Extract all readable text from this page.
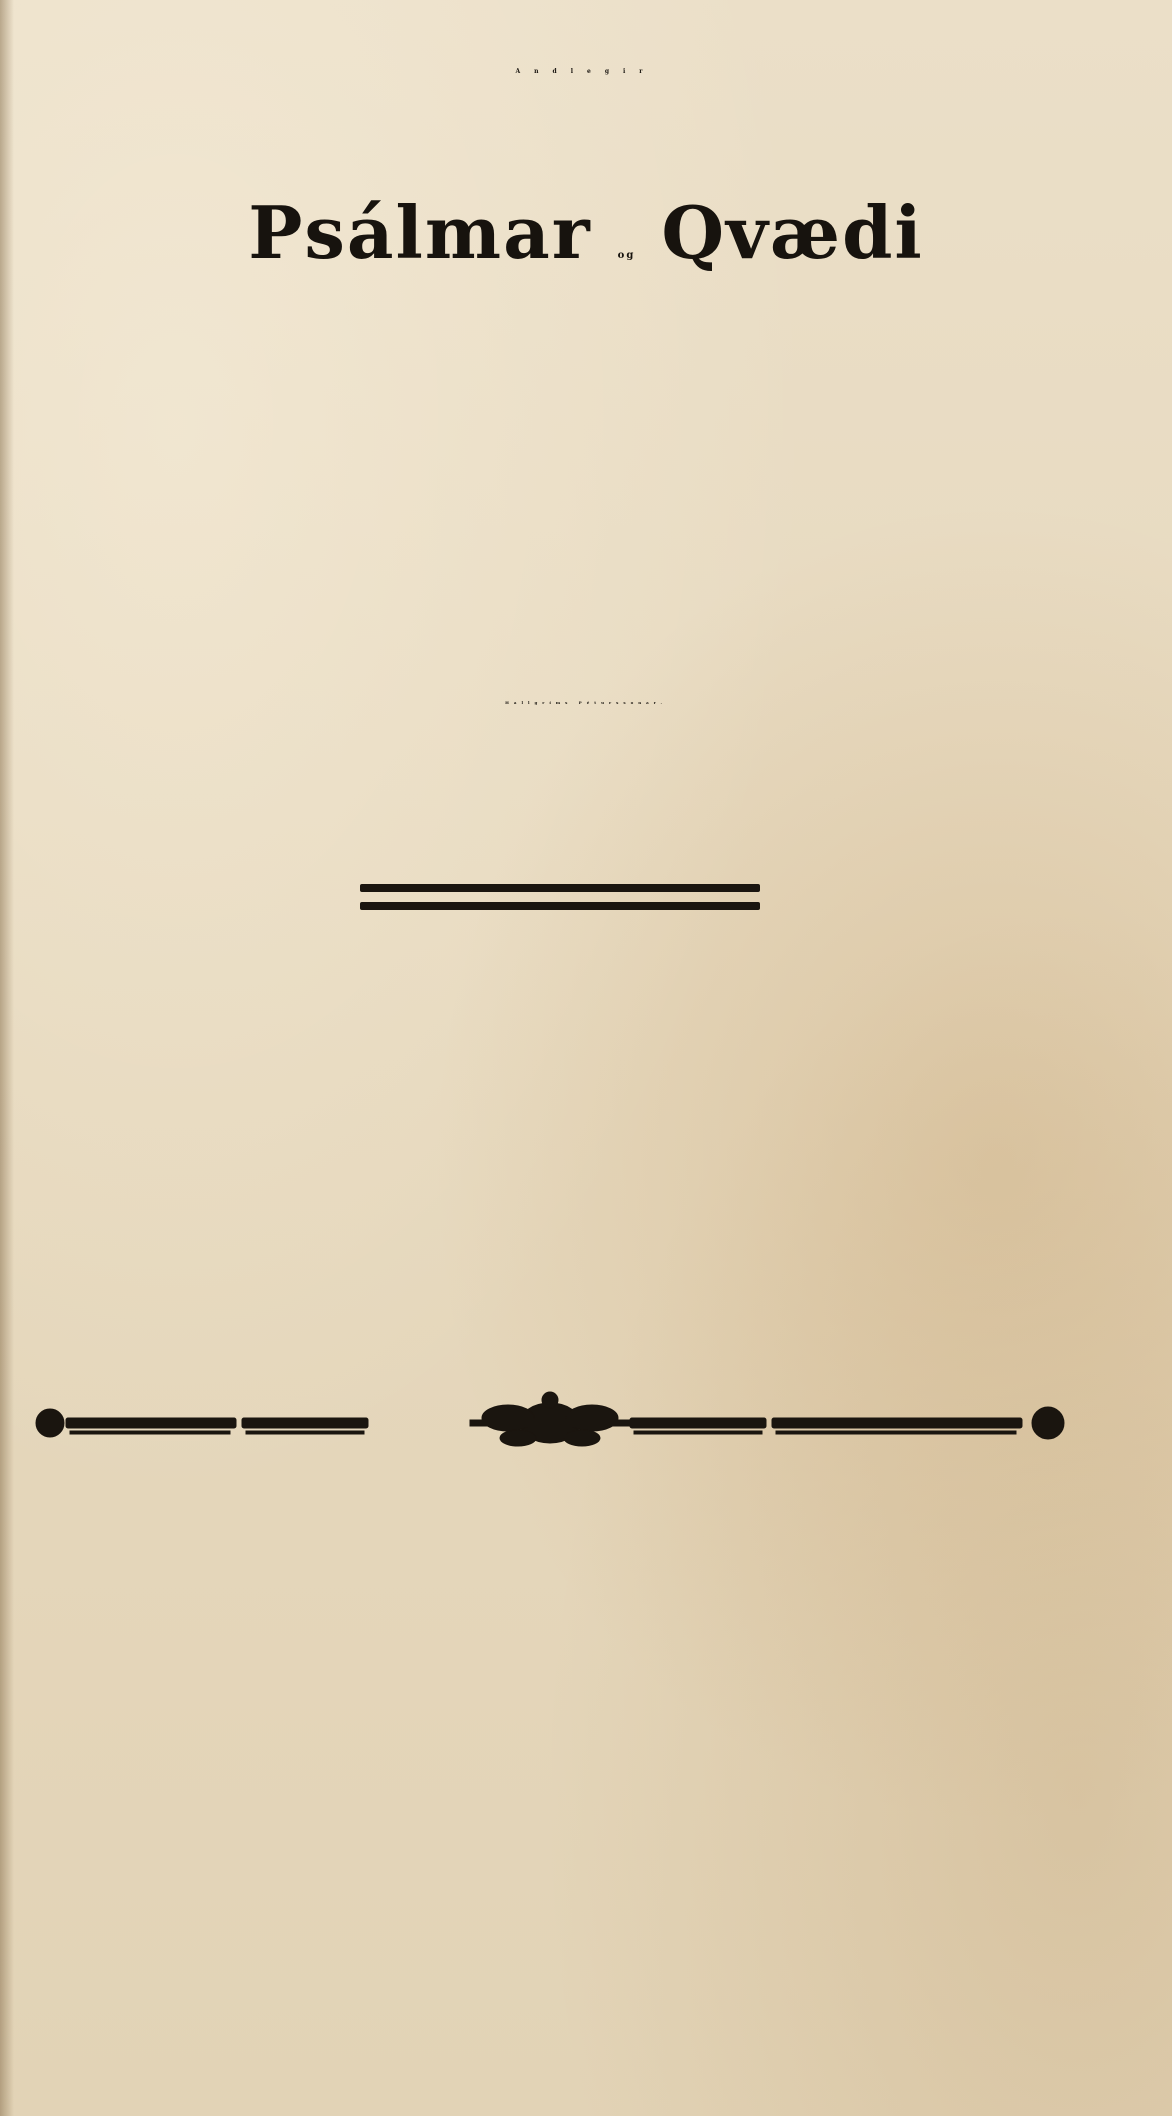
Andlegir
Psálmar	og Qvædi
Hallgríms Péturssonar.
